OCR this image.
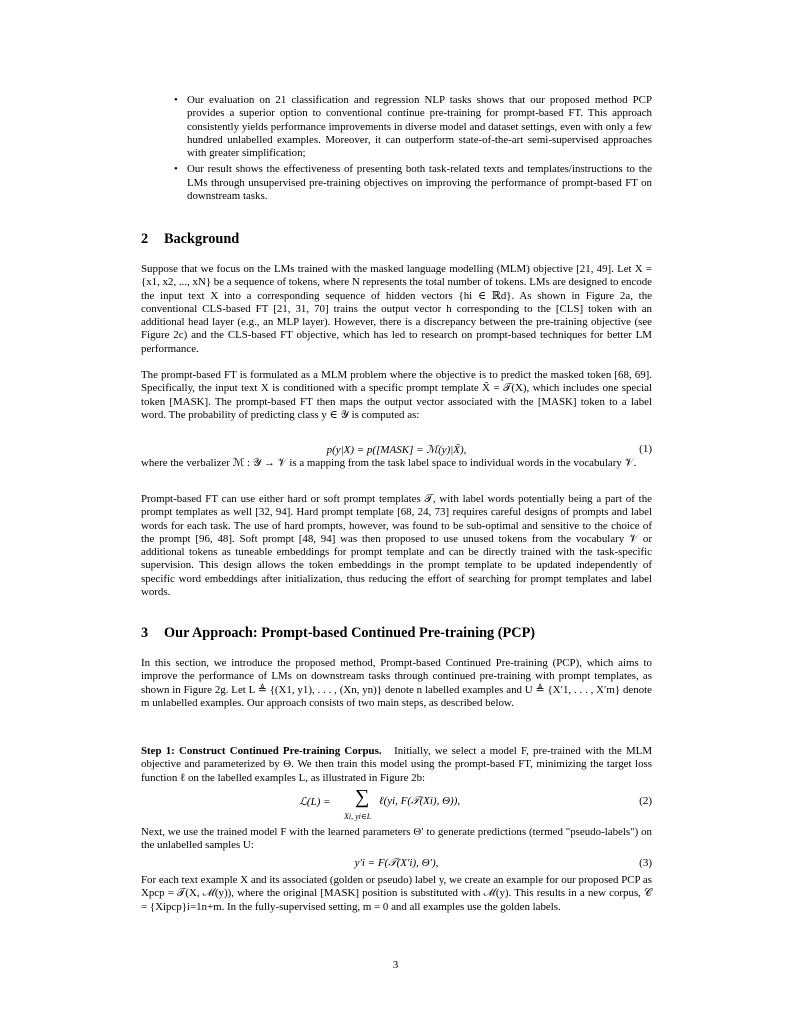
• Our evaluation on 21 classification and regression NLP tasks shows that our proposed method PCP provides a superior option to conventional continue pre-training for prompt-based FT. This approach consistently yields performance improvements in diverse model and dataset settings, even with only a few hundred unlabelled examples. Moreover, it can outperform state-of-the-art semi-supervised approaches with greater simplification;
• Our result shows the effectiveness of presenting both task-related texts and templates/instructions to the LMs through unsupervised pre-training objectives on improving the performance of prompt-based FT on downstream tasks.
2 Background

Suppose that we focus on the LMs trained with the masked language modelling (MLM) objective [21, 49]. Let X = {x1, x2, ..., xN} be a sequence of tokens, where N represents the total number of tokens. LMs are designed to encode the input text X into a corresponding sequence of hidden vectors {hi ∈ ℝd}. As shown in Figure 2a, the conventional CLS-based FT [21, 31, 70] trains the output vector h corresponding to the [CLS] token with an additional head layer (e.g., an MLP layer). However, there is a discrepancy between the pre-training objective (see Figure 2c) and the CLS-based FT objective, which has led to research on prompt-based techniques for better LM performance.

The prompt-based FT is formulated as a MLM problem where the objective is to predict the masked token [68, 69]. Specifically, the input text X is conditioned with a specific prompt template X̃ = 𝒯(X), which includes one special token [MASK]. The prompt-based FT then maps the output vector associated with the [MASK] token to a label word. The probability of predicting class y ∈ 𝒴 is computed as:

p(y|X) = p([MASK] = ℳ(y)|X̃),	(1)

where the verbalizer ℳ : 𝒴 → 𝒱 is a mapping from the task label space to individual words in the vocabulary 𝒱.

Prompt-based FT can use either hard or soft prompt templates 𝒯, with label words potentially being a part of the prompt templates as well [32, 94]. Hard prompt template [68, 24, 73] requires careful designs of prompts and label words for each task. The use of hard prompts, however, was found to be sub-optimal and sensitive to the choice of the prompt [96, 48]. Soft prompt [48, 94] was then proposed to use unused tokens from the vocabulary 𝒱 or additional tokens as tuneable embeddings for prompt template and can be directly trained with the task-specific supervision. This design allows the token embeddings in the prompt template to be updated independently of specific word embeddings after initialization, thus reducing the effort of searching for prompt templates and label words.

3 Our Approach: Prompt-based Continued Pre-training (PCP)

In this section, we introduce the proposed method, Prompt-based Continued Pre-training (PCP), which aims to improve the performance of LMs on downstream tasks through continued pre-training with prompt templates, as shown in Figure 2g. Let L ≜ {(X1, y1), . . . , (Xn, yn)} denote n labelled examples and U ≜ {X′1, . . . , X′m} denote m unlabelled examples. Our approach consists of two main steps, as described below.

Step 1: Construct Continued Pre-training Corpus. Initially, we select a model F, pre-trained with the MLM objective and parameterized by Θ. We then train this model using the prompt-based FT, minimizing the target loss function ℓ on the labelled examples L, as illustrated in Figure 2b:

ℒ(L) = ∑
Xi, yi∈L
ℓ(yi, F(𝒯(Xi), Θ)),	(2)

Next, we use the trained model F with the learned parameters Θ′ to generate predictions (termed "pseudo-labels") on the unlabelled samples U:

y′i = F(𝒯(X′i), Θ′),	(3)

For each text example X and its associated (golden or pseudo) label y, we create an example for our proposed PCP as Xpcp = 𝒯(X, ℳ(y)), where the original [MASK] position is substituted with ℳ(y). This results in a new corpus, 𝒞 = {Xipcp}i=1n+m. In the fully-supervised setting, m = 0 and all examples use the golden labels.

3
